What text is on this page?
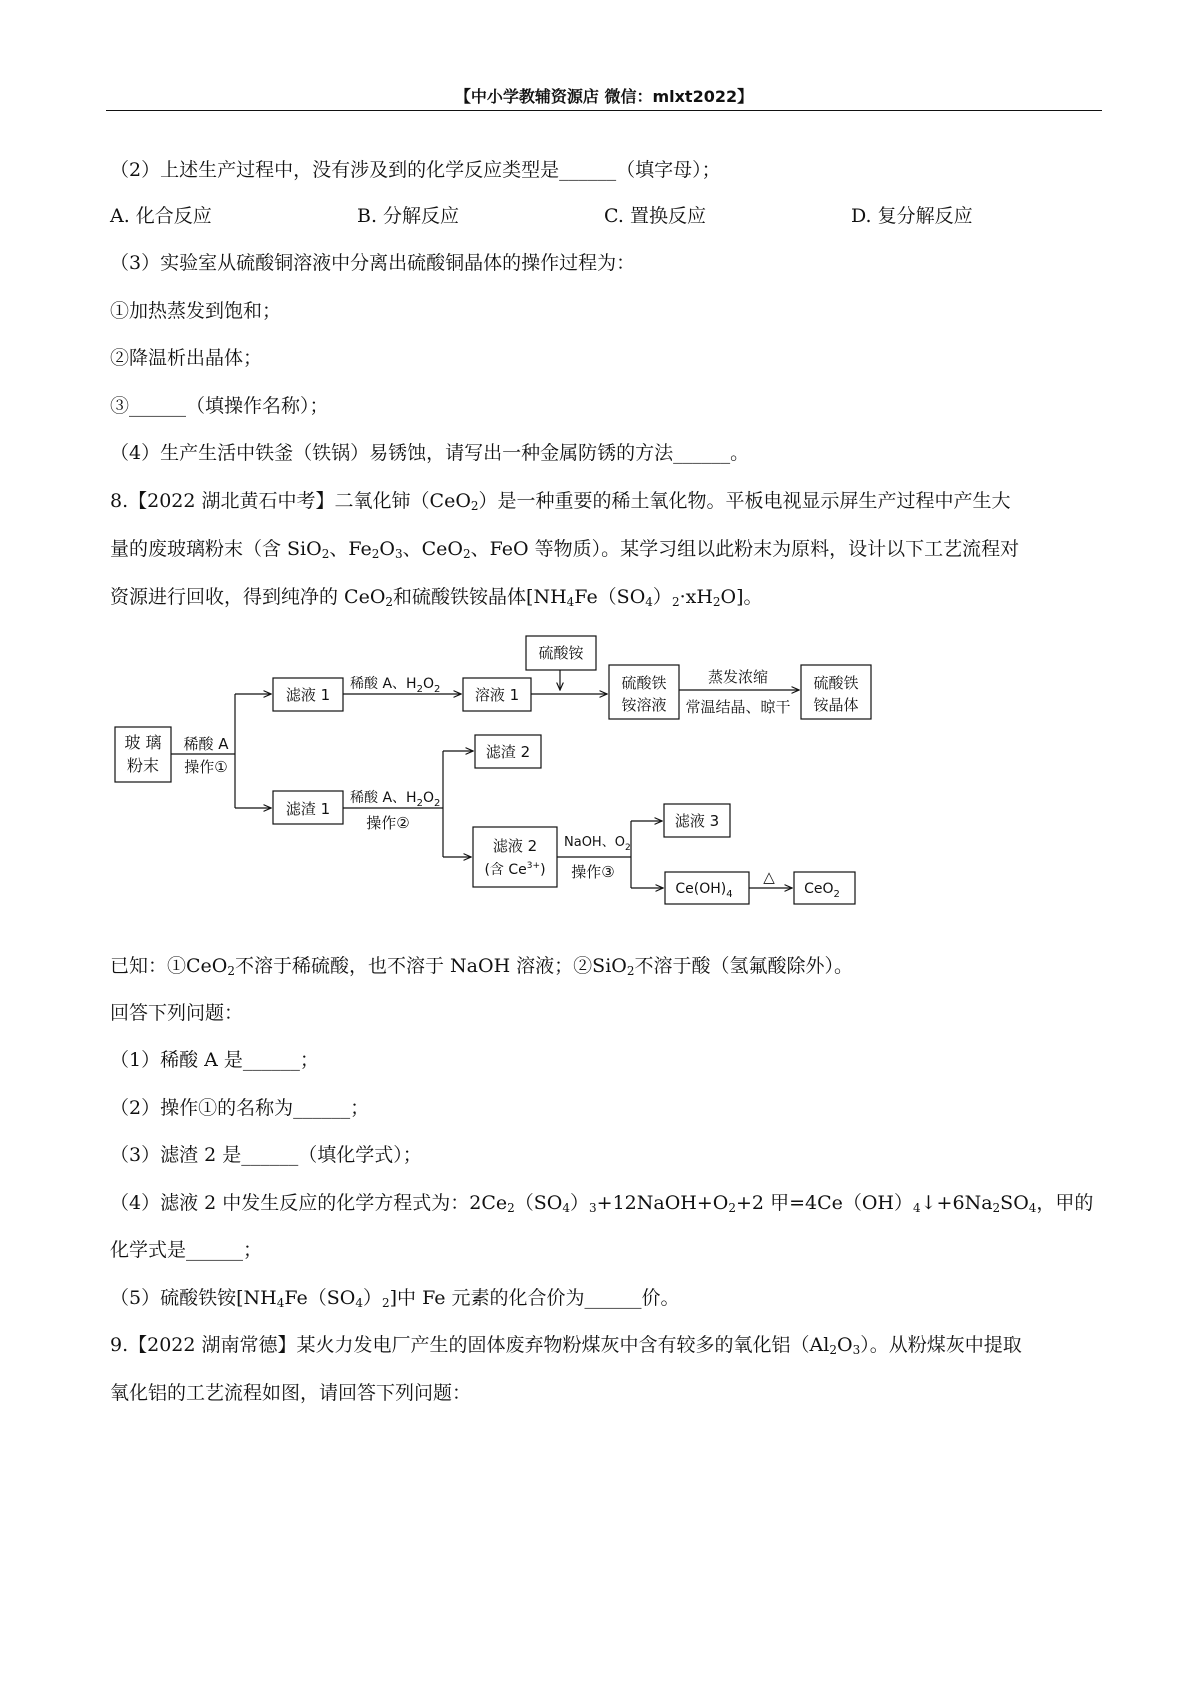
【中小学教辅资源店 微信：mlxt2022】
（2）上述生产过程中，没有涉及到的化学反应类型是______（填字母）；
A. 化合反应	B. 分解反应	C. 置换反应	D. 复分解反应
（3）实验室从硫酸铜溶液中分离出硫酸铜晶体的操作过程为：
①加热蒸发到饱和；
②降温析出晶体；
③______（填操作名称）；
（4）生产生活中铁釜（铁锅）易锈蚀，请写出一种金属防锈的方法______。
8.【2022 湖北黄石中考】二氧化铈（CeO$_2$）是一种重要的稀土氧化物。平板电视显示屏生产过程中产生大
量的废玻璃粉末（含 SiO$_2$、$Fe_2O_3$、CeO$_2$、FeO 等物质）。某学习组以此粉末为原料，设计以下工艺流程对
资源进行回收，得到纯净的 CeO$_2$和硫酸铁铵晶体$[NH_4Fe(SO_4)_2\cdot xH_2O]$。
玻 璃
粉末
稀酸 A
操作①
滤液 1
滤渣 1
稀酸 A、$H_2O_2$ 溶液 1
硫酸铵
硫酸铁
铵溶液
蒸发浓缩
常温结晶、晾干
硫酸铁
铵晶体
稀酸 A、$H_2O_2$
操作②
滤渣 2
滤液 2
(含 $Ce^{3+}$)
NaOH、$O_2$
操作③
滤液 3
$Ce(OH)_4$
△
CeO$_2$
已知：①CeO$_2$不溶于稀硫酸，也不溶于 NaOH 溶液；②SiO$_2$不溶于酸（氢氟酸除外）。
回答下列问题：
（1）稀酸 A 是______；
（2）操作①的名称为______；
（3）滤渣 2 是______（填化学式）；
（4）滤液 2 中发生反应的化学方程式为：$2Ce_2(SO_4)_3+12NaOH+O_2+2$ 甲$=4Ce(OH)_4↓+6Na_2SO_4$，甲的
化学式是______；
（5）硫酸铁铵$[NH_4Fe(SO_4)_2]$中 Fe 元素的化合价为______价。
9.【2022 湖南常德】某火力发电厂产生的固体废弃物粉煤灰中含有较多的氧化铝$(Al_2O_3)$。从粉煤灰中提取
氧化铝的工艺流程如图，请回答下列问题：
